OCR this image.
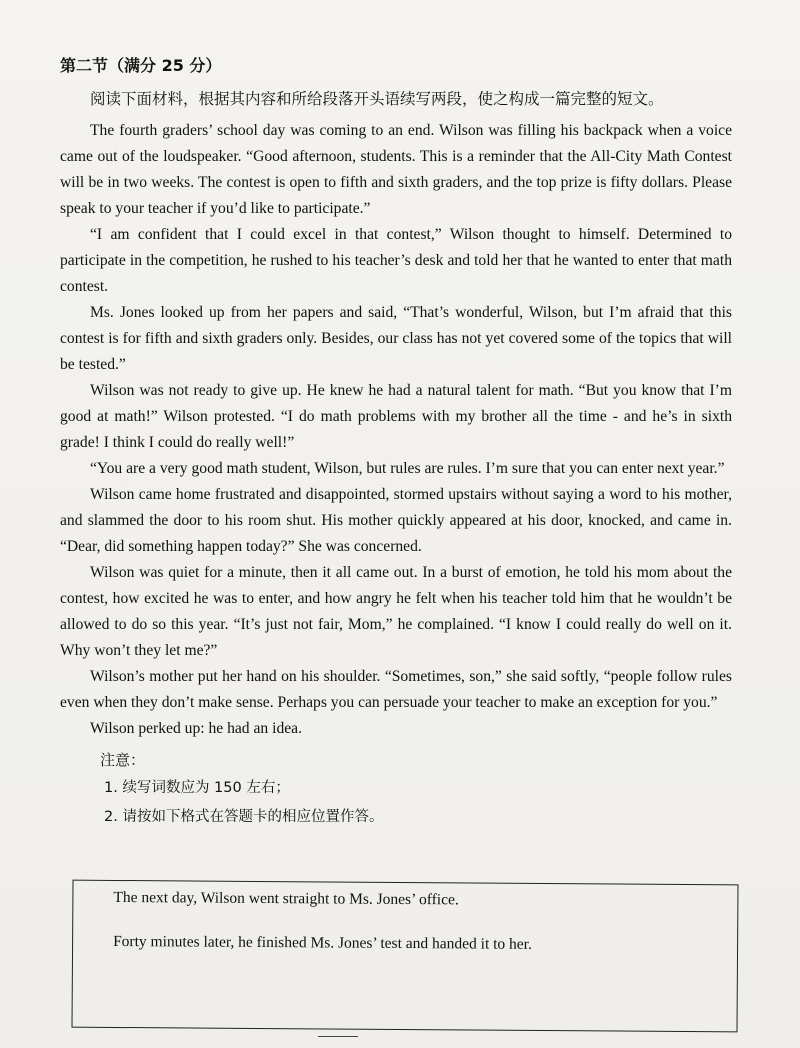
第二节（满分 25 分）

阅读下面材料，根据其内容和所给段落开头语续写两段，使之构成一篇完整的短文。

The fourth graders’ school day was coming to an end. Wilson was filling his backpack when a voice came out of the loudspeaker. “Good afternoon, students. This is a reminder that the All-City Math Contest will be in two weeks. The contest is open to fifth and sixth graders, and the top prize is fifty dollars. Please speak to your teacher if you’d like to participate.”

“I am confident that I could excel in that contest,” Wilson thought to himself. Determined to participate in the competition, he rushed to his teacher’s desk and told her that he wanted to enter that math contest.

Ms. Jones looked up from her papers and said, “That’s wonderful, Wilson, but I’m afraid that this contest is for fifth and sixth graders only. Besides, our class has not yet covered some of the topics that will be tested.”

Wilson was not ready to give up. He knew he had a natural talent for math. “But you know that I’m good at math!” Wilson protested. “I do math problems with my brother all the time - and he’s in sixth grade! I think I could do really well!”

“You are a very good math student, Wilson, but rules are rules. I’m sure that you can enter next year.”

Wilson came home frustrated and disappointed, stormed upstairs without saying a word to his mother, and slammed the door to his room shut. His mother quickly appeared at his door, knocked, and came in. “Dear, did something happen today?” She was concerned.

Wilson was quiet for a minute, then it all came out. In a burst of emotion, he told his mom about the contest, how excited he was to enter, and how angry he felt when his teacher told him that he wouldn’t be allowed to do so this year. “It’s just not fair, Mom,” he complained. “I know I could really do well on it. Why won’t they let me?”

Wilson’s mother put her hand on his shoulder. “Sometimes, son,” she said softly, “people follow rules even when they don’t make sense. Perhaps you can persuade your teacher to make an exception for you.”

Wilson perked up: he had an idea.

注意：
1. 续写词数应为 150 左右；
2. 请按如下格式在答题卡的相应位置作答。
The next day, Wilson went straight to Ms. Jones’ office.
Forty minutes later, he finished Ms. Jones’ test and handed it to her.
